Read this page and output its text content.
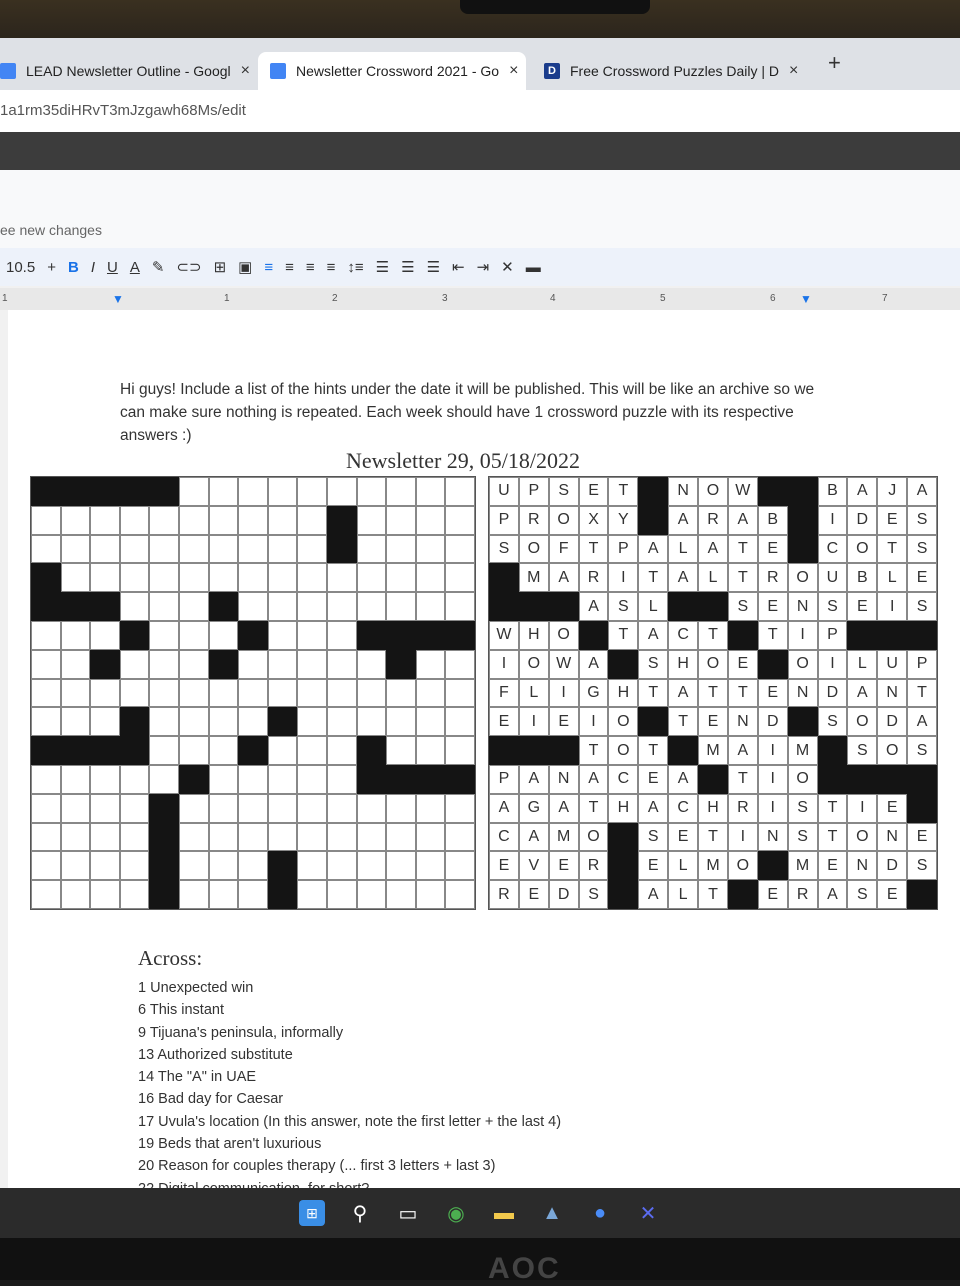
LEAD Newsletter Outline - Googl ×	Newsletter Crossword 2021 - Go ×	D Free Crossword Puzzles Daily | D × +
1a1rm35diHRvT3mJzgawh68Ms/edit
ee new changes
10.5 + B I U A ✎ ⊂⊃ ⊞ ▣ ≡ ≡ ≡ ≡ ↕≡ ☰ ☰ ☰ ⇤ ⇥ ✕ ▬
1	1	2	3	4	5	6	7
▼	▼
Hi guys! Include a list of the hints under the date it will be published. This will be like an archive so we can make sure nothing is repeated. Each week should have 1 crossword puzzle with its respective answers :)
Newsletter 29, 05/18/2022
U P S E T	N O W	B A J A
P R O X Y	A R A B	I D E S
S O F T P A L A T E	C O T S
M A R I T A L T R O U B L E
A S L	S E N S E I S
W H O	T A C T	T I P
I O W A	S H O E	O I L U P
F L I G H T A T T E N D A N T
E I E I O	T E N D	S O D A
T O T	M A I M	S O S
P A N A C E A	T I O
A G A T H A C H R I S T I E
C A M O	S E T I N S T O N E
E V E R	E L M O	M E N D S
R E D S	A L T	E R A S E
Across:
1 Unexpected win
6 This instant
9 Tijuana's peninsula, informally
13 Authorized substitute
14 The "A" in UAE
16 Bad day for Caesar
17 Uvula's location (In this answer, note the first letter + the last 4)
19 Beds that aren't luxurious
20 Reason for couples therapy (... first 3 letters + last 3)
⊞	⚲ ▭ ◉ ▬ ▲	●	✕
AOC
